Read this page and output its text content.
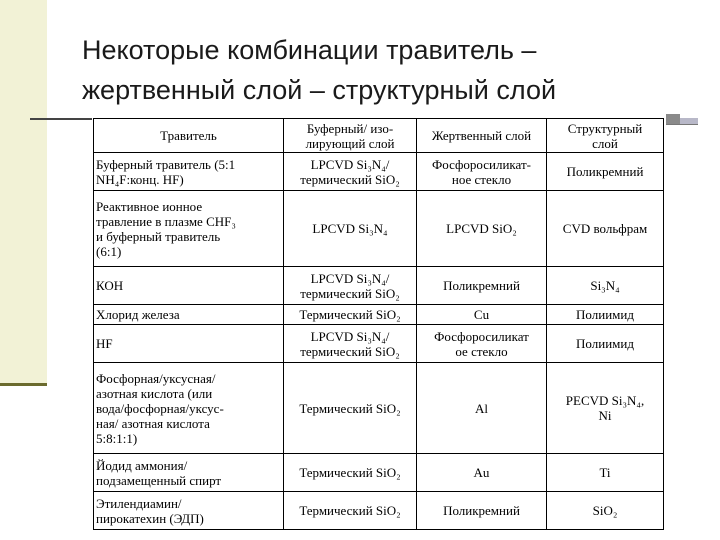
Некоторые комбинации травитель –
жертвенный слой – структурный слой
Травитель	Буферный/ изо-
лирующий слой	Жертвенный слой	Структурный
слой
Буферный травитель (5:1
NH₄F:конц. HF)	LPCVD Si₃N₄/
термический SiO₂	Фосфоросиликат-
ное стекло	Поликремний
Реактивное ионное
травление в плазме CHF₃
и буферный травитель
(6:1)	LPCVD Si₃N₄	LPCVD SiO₂	CVD вольфрам
КОН	LPCVD Si₃N₄/
термический SiO₂	Поликремний	Si₃N₄
Хлорид железа	Термический SiO₂	Cu	Полиимид
HF	LPCVD Si₃N₄/
термический SiO₂	Фосфоросиликат
ое стекло	Полиимид
Фосфорная/уксусная/
азотная кислота (или
вода/фосфорная/уксус-
ная/ азотная кислота
5:8:1:1)	Термический SiO₂	Al	PECVD Si₃N₄,
Ni
Йодид аммония/
подзамещенный спирт	Термический SiO₂	Au	Ti
Этилендиамин/
пирокатехин (ЭДП)	Термический SiO₂	Поликремний	SiO₂
